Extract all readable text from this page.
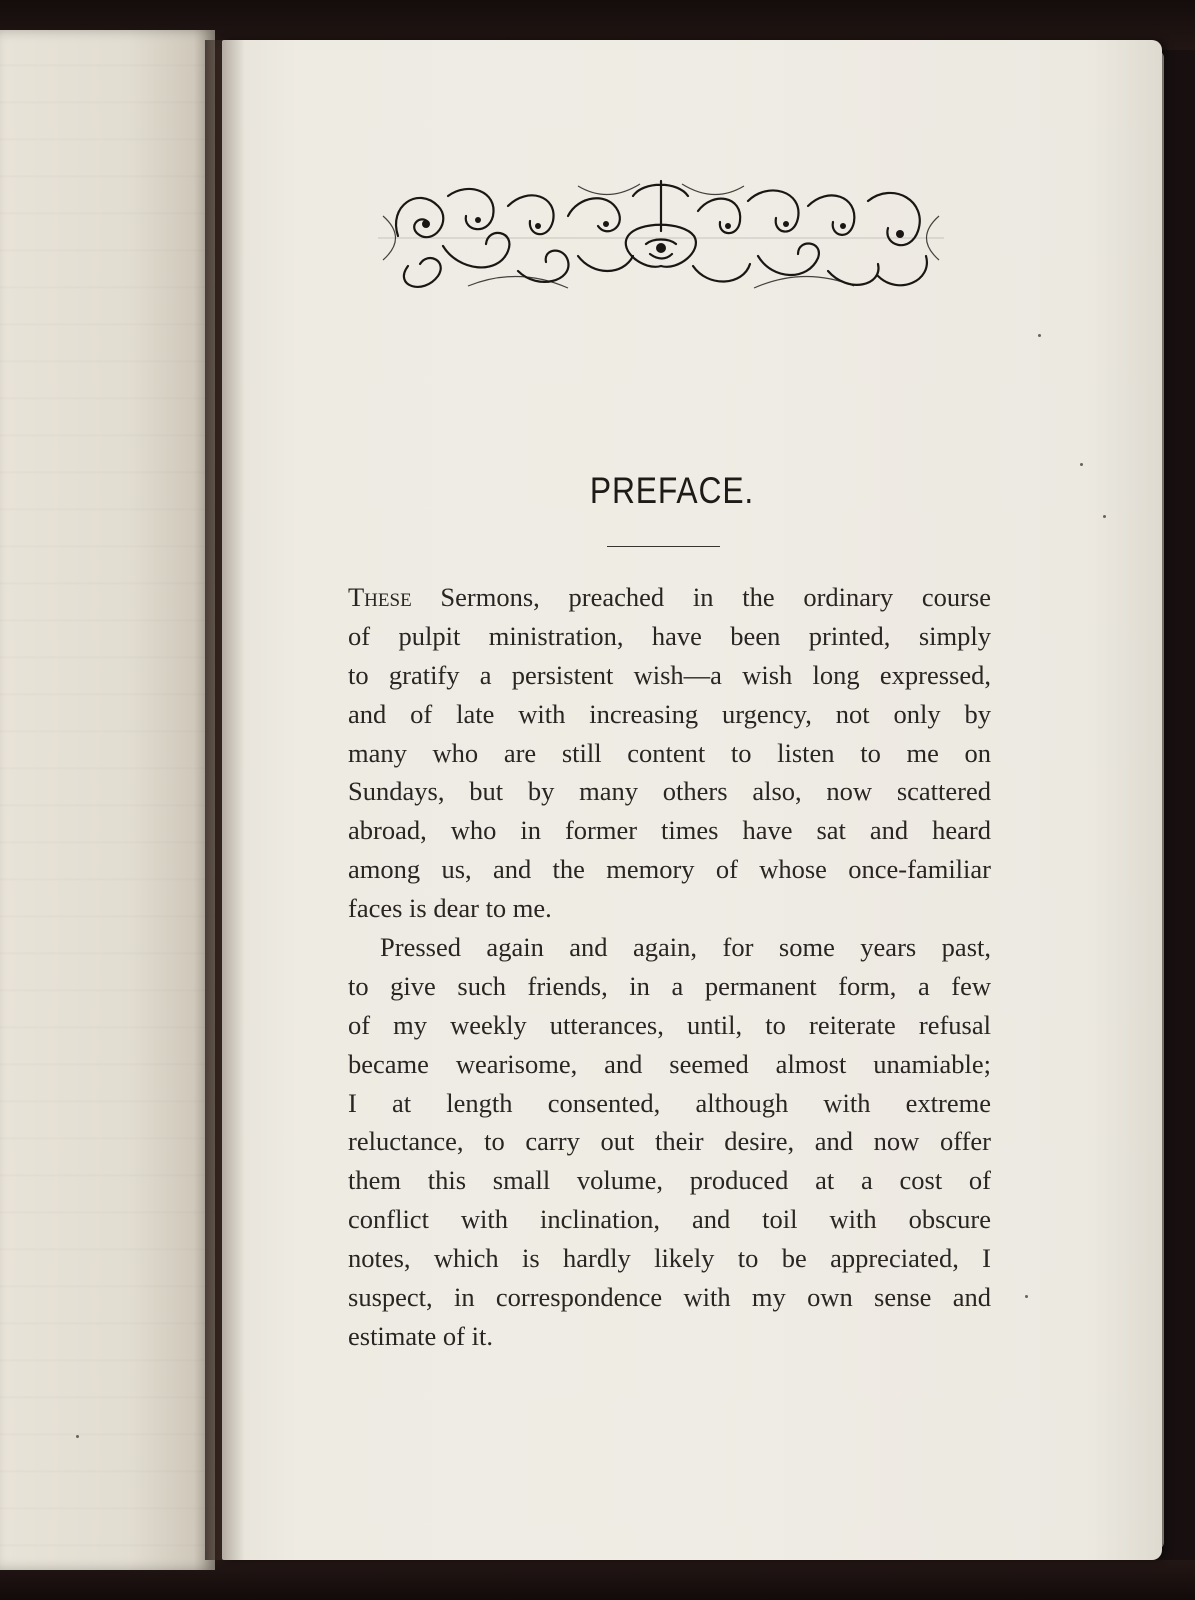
PREFACE.
These Sermons, preached in the ordinary course
of pulpit ministration, have been printed, simply
to gratify a persistent wish—a wish long expressed,
and of late with increasing urgency, not only by
many who are still content to listen to me on
Sundays, but by many others also, now scattered
abroad, who in former times have sat and heard
among us, and the memory of whose once-familiar
faces is dear to me.
Pressed again and again, for some years past,
to give such friends, in a permanent form, a few
of my weekly utterances, until, to reiterate refusal
became wearisome, and seemed almost unamiable;
I at length consented, although with extreme
reluctance, to carry out their desire, and now offer
them this small volume, produced at a cost of
conflict with inclination, and toil with obscure
notes, which is hardly likely to be appreciated, I
suspect, in correspondence with my own sense and
estimate of it.
